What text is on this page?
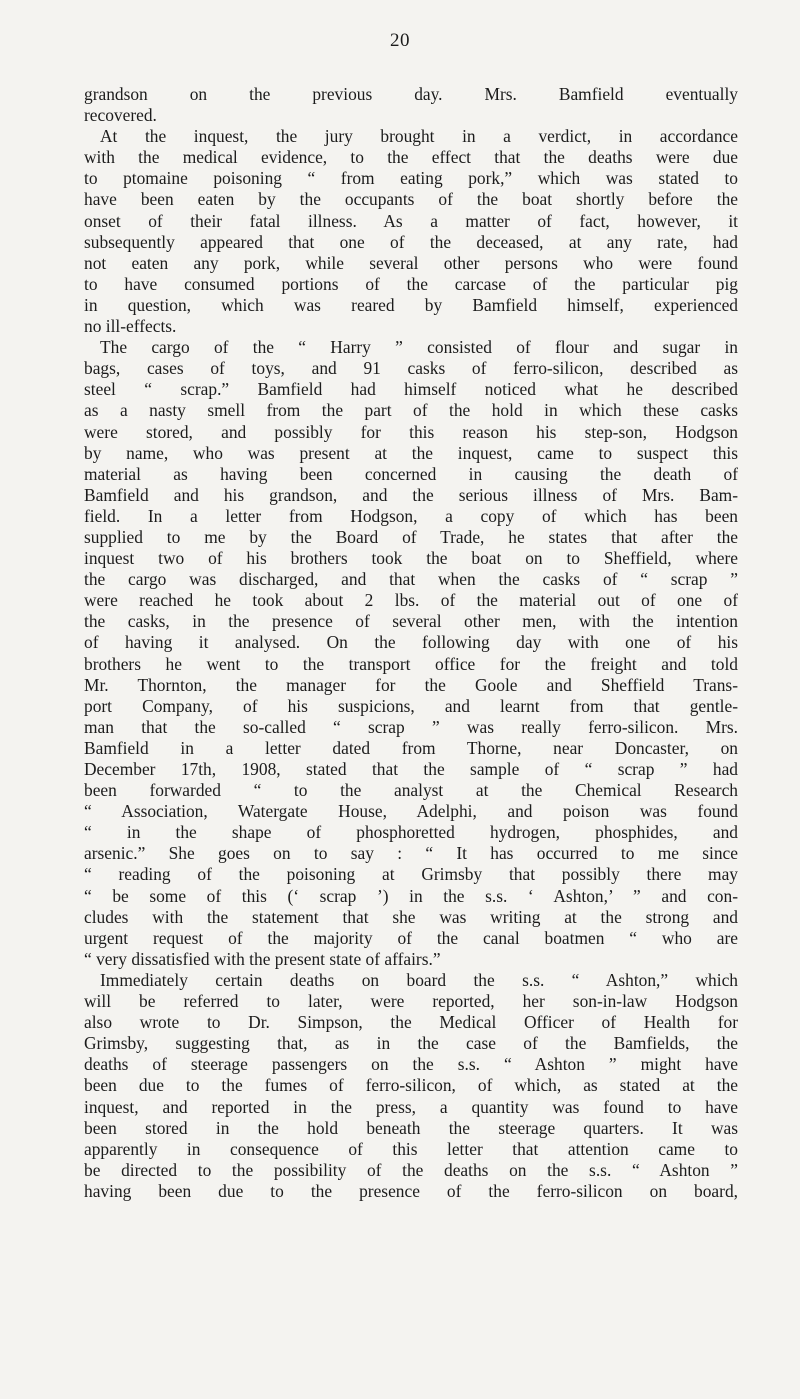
20
grandson on the previous day. Mrs. Bamfield eventually
recovered.
At the inquest, the jury brought in a verdict, in accordance
with the medical evidence, to the effect that the deaths were due
to ptomaine poisoning “ from eating pork,” which was stated to
have been eaten by the occupants of the boat shortly before the
onset of their fatal illness. As a matter of fact, however, it
subsequently appeared that one of the deceased, at any rate, had
not eaten any pork, while several other persons who were found
to have consumed portions of the carcase of the particular pig
in question, which was reared by Bamfield himself, experienced
no ill-effects.
The cargo of the “ Harry ” consisted of flour and sugar in
bags, cases of toys, and 91 casks of ferro-silicon, described as
steel “ scrap.” Bamfield had himself noticed what he described
as a nasty smell from the part of the hold in which these casks
were stored, and possibly for this reason his step-son, Hodgson
by name, who was present at the inquest, came to suspect this
material as having been concerned in causing the death of
Bamfield and his grandson, and the serious illness of Mrs. Bam-
field. In a letter from Hodgson, a copy of which has been
supplied to me by the Board of Trade, he states that after the
inquest two of his brothers took the boat on to Sheffield, where
the cargo was discharged, and that when the casks of “ scrap ”
were reached he took about 2 lbs. of the material out of one of
the casks, in the presence of several other men, with the intention
of having it analysed. On the following day with one of his
brothers he went to the transport office for the freight and told
Mr. Thornton, the manager for the Goole and Sheffield Trans-
port Company, of his suspicions, and learnt from that gentle-
man that the so-called “ scrap ” was really ferro-silicon. Mrs.
Bamfield in a letter dated from Thorne, near Doncaster, on
December 17th, 1908, stated that the sample of “ scrap ” had
been forwarded “ to the analyst at the Chemical Research
“ Association, Watergate House, Adelphi, and poison was found
“ in the shape of phosphoretted hydrogen, phosphides, and
arsenic.” She goes on to say : “ It has occurred to me since
“ reading of the poisoning at Grimsby that possibly there may
“ be some of this (‘ scrap ’) in the s.s. ‘ Ashton,’ ” and con-
cludes with the statement that she was writing at the strong and
urgent request of the majority of the canal boatmen “ who are
“ very dissatisfied with the present state of affairs.”
Immediately certain deaths on board the s.s. “ Ashton,” which
will be referred to later, were reported, her son-in-law Hodgson
also wrote to Dr. Simpson, the Medical Officer of Health for
Grimsby, suggesting that, as in the case of the Bamfields, the
deaths of steerage passengers on the s.s. “ Ashton ” might have
been due to the fumes of ferro-silicon, of which, as stated at the
inquest, and reported in the press, a quantity was found to have
been stored in the hold beneath the steerage quarters. It was
apparently in consequence of this letter that attention came to
be directed to the possibility of the deaths on the s.s. “ Ashton ”
having been due to the presence of the ferro-silicon on board,
